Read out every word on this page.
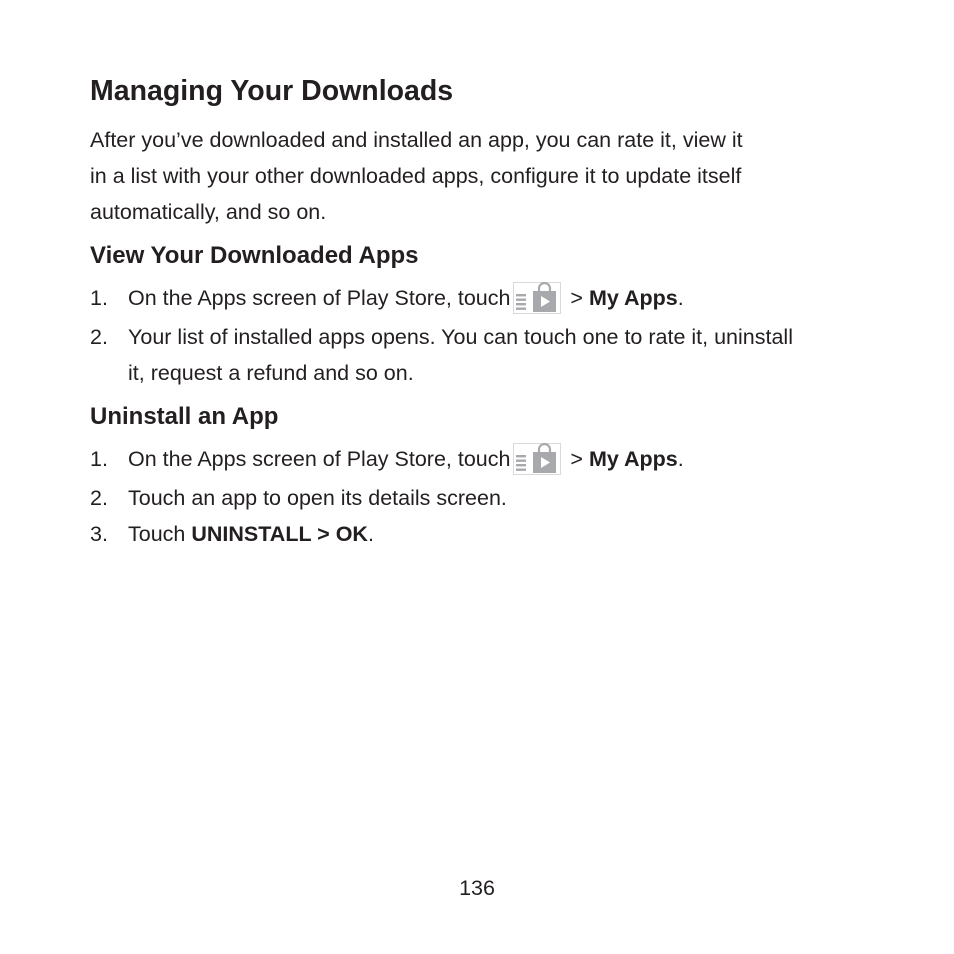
Managing Your Downloads

After you’ve downloaded and installed an app, you can rate it, view it
in a list with your other downloaded apps, configure it to update itself
automatically, and so on.

View Your Downloaded Apps
1. On the Apps screen of Play Store, touch	> My Apps.
2. Your list of installed apps opens. You can touch one to rate it, uninstall
it, request a refund and so on.
Uninstall an App
1. On the Apps screen of Play Store, touch	> My Apps.
2. Touch an app to open its details screen.
3. Touch UNINSTALL > OK.
136
